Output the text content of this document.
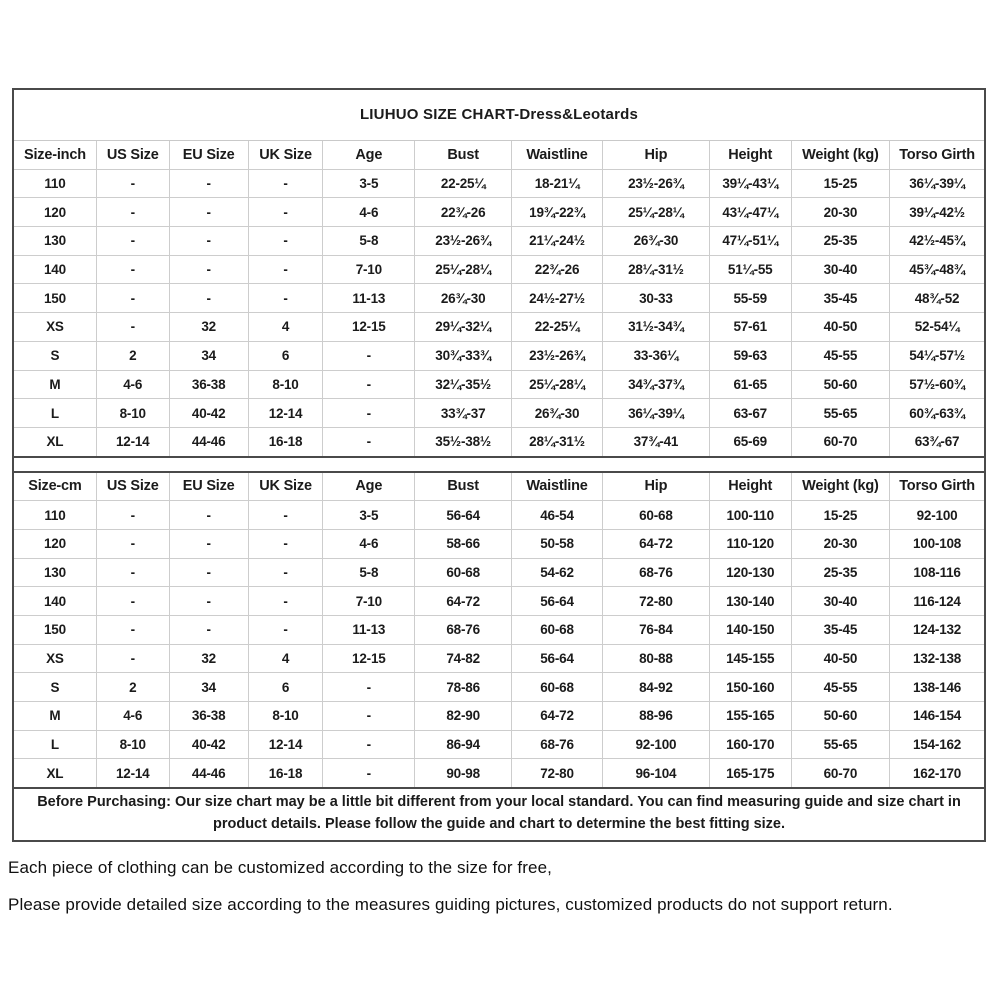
LIUHUO SIZE CHART-Dress&Leotards
Size-inch	US Size	EU Size	UK Size	Age	Bust	Waistline	Hip	Height	Weight (kg)	Torso Girth
110	-	-	-	3-5	22-25¼	18-21¼	23½-26¾	39¼-43¼	15-25	36¼-39¼
120	-	-	-	4-6	22¾-26	19¾-22¾	25¼-28¼	43¼-47¼	20-30	39¼-42½
130	-	-	-	5-8	23½-26¾	21¼-24½	26¾-30	47¼-51¼	25-35	42½-45¾
140	-	-	-	7-10	25¼-28¼	22¾-26	28¼-31½	51¼-55	30-40	45¾-48¾
150	-	-	-	11-13	26¾-30	24½-27½	30-33	55-59	35-45	48¾-52
XS	-	32	4	12-15	29¼-32¼	22-25¼	31½-34¾	57-61	40-50	52-54¼
S	2	34	6	-	30¾-33¾	23½-26¾	33-36¼	59-63	45-55	54¼-57½
M	4-6	36-38	8-10	-	32¼-35½	25¼-28¼	34¾-37¾	61-65	50-60	57½-60¾
L	8-10	40-42	12-14	-	33¾-37	26¾-30	36¼-39¼	63-67	55-65	60¾-63¾
XL	12-14	44-46	16-18	-	35½-38½	28¼-31½	37¾-41	65-69	60-70	63¾-67
Size-cm	US Size	EU Size	UK Size	Age	Bust	Waistline	Hip	Height	Weight (kg)	Torso Girth
110	-	-	-	3-5	56-64	46-54	60-68	100-110	15-25	92-100
120	-	-	-	4-6	58-66	50-58	64-72	110-120	20-30	100-108
130	-	-	-	5-8	60-68	54-62	68-76	120-130	25-35	108-116
140	-	-	-	7-10	64-72	56-64	72-80	130-140	30-40	116-124
150	-	-	-	11-13	68-76	60-68	76-84	140-150	35-45	124-132
XS	-	32	4	12-15	74-82	56-64	80-88	145-155	40-50	132-138
S	2	34	6	-	78-86	60-68	84-92	150-160	45-55	138-146
M	4-6	36-38	8-10	-	82-90	64-72	88-96	155-165	50-60	146-154
L	8-10	40-42	12-14	-	86-94	68-76	92-100	160-170	55-65	154-162
XL	12-14	44-46	16-18	-	90-98	72-80	96-104	165-175	60-70	162-170
Before Purchasing: Our size chart may be a little bit different from your local standard. You can find measuring guide and size chart in product details. Please follow the guide and chart to determine the best fitting size.
Each piece of clothing can be customized according to the size for free,
Please provide detailed size according to the measures guiding pictures, customized products do not support return.
